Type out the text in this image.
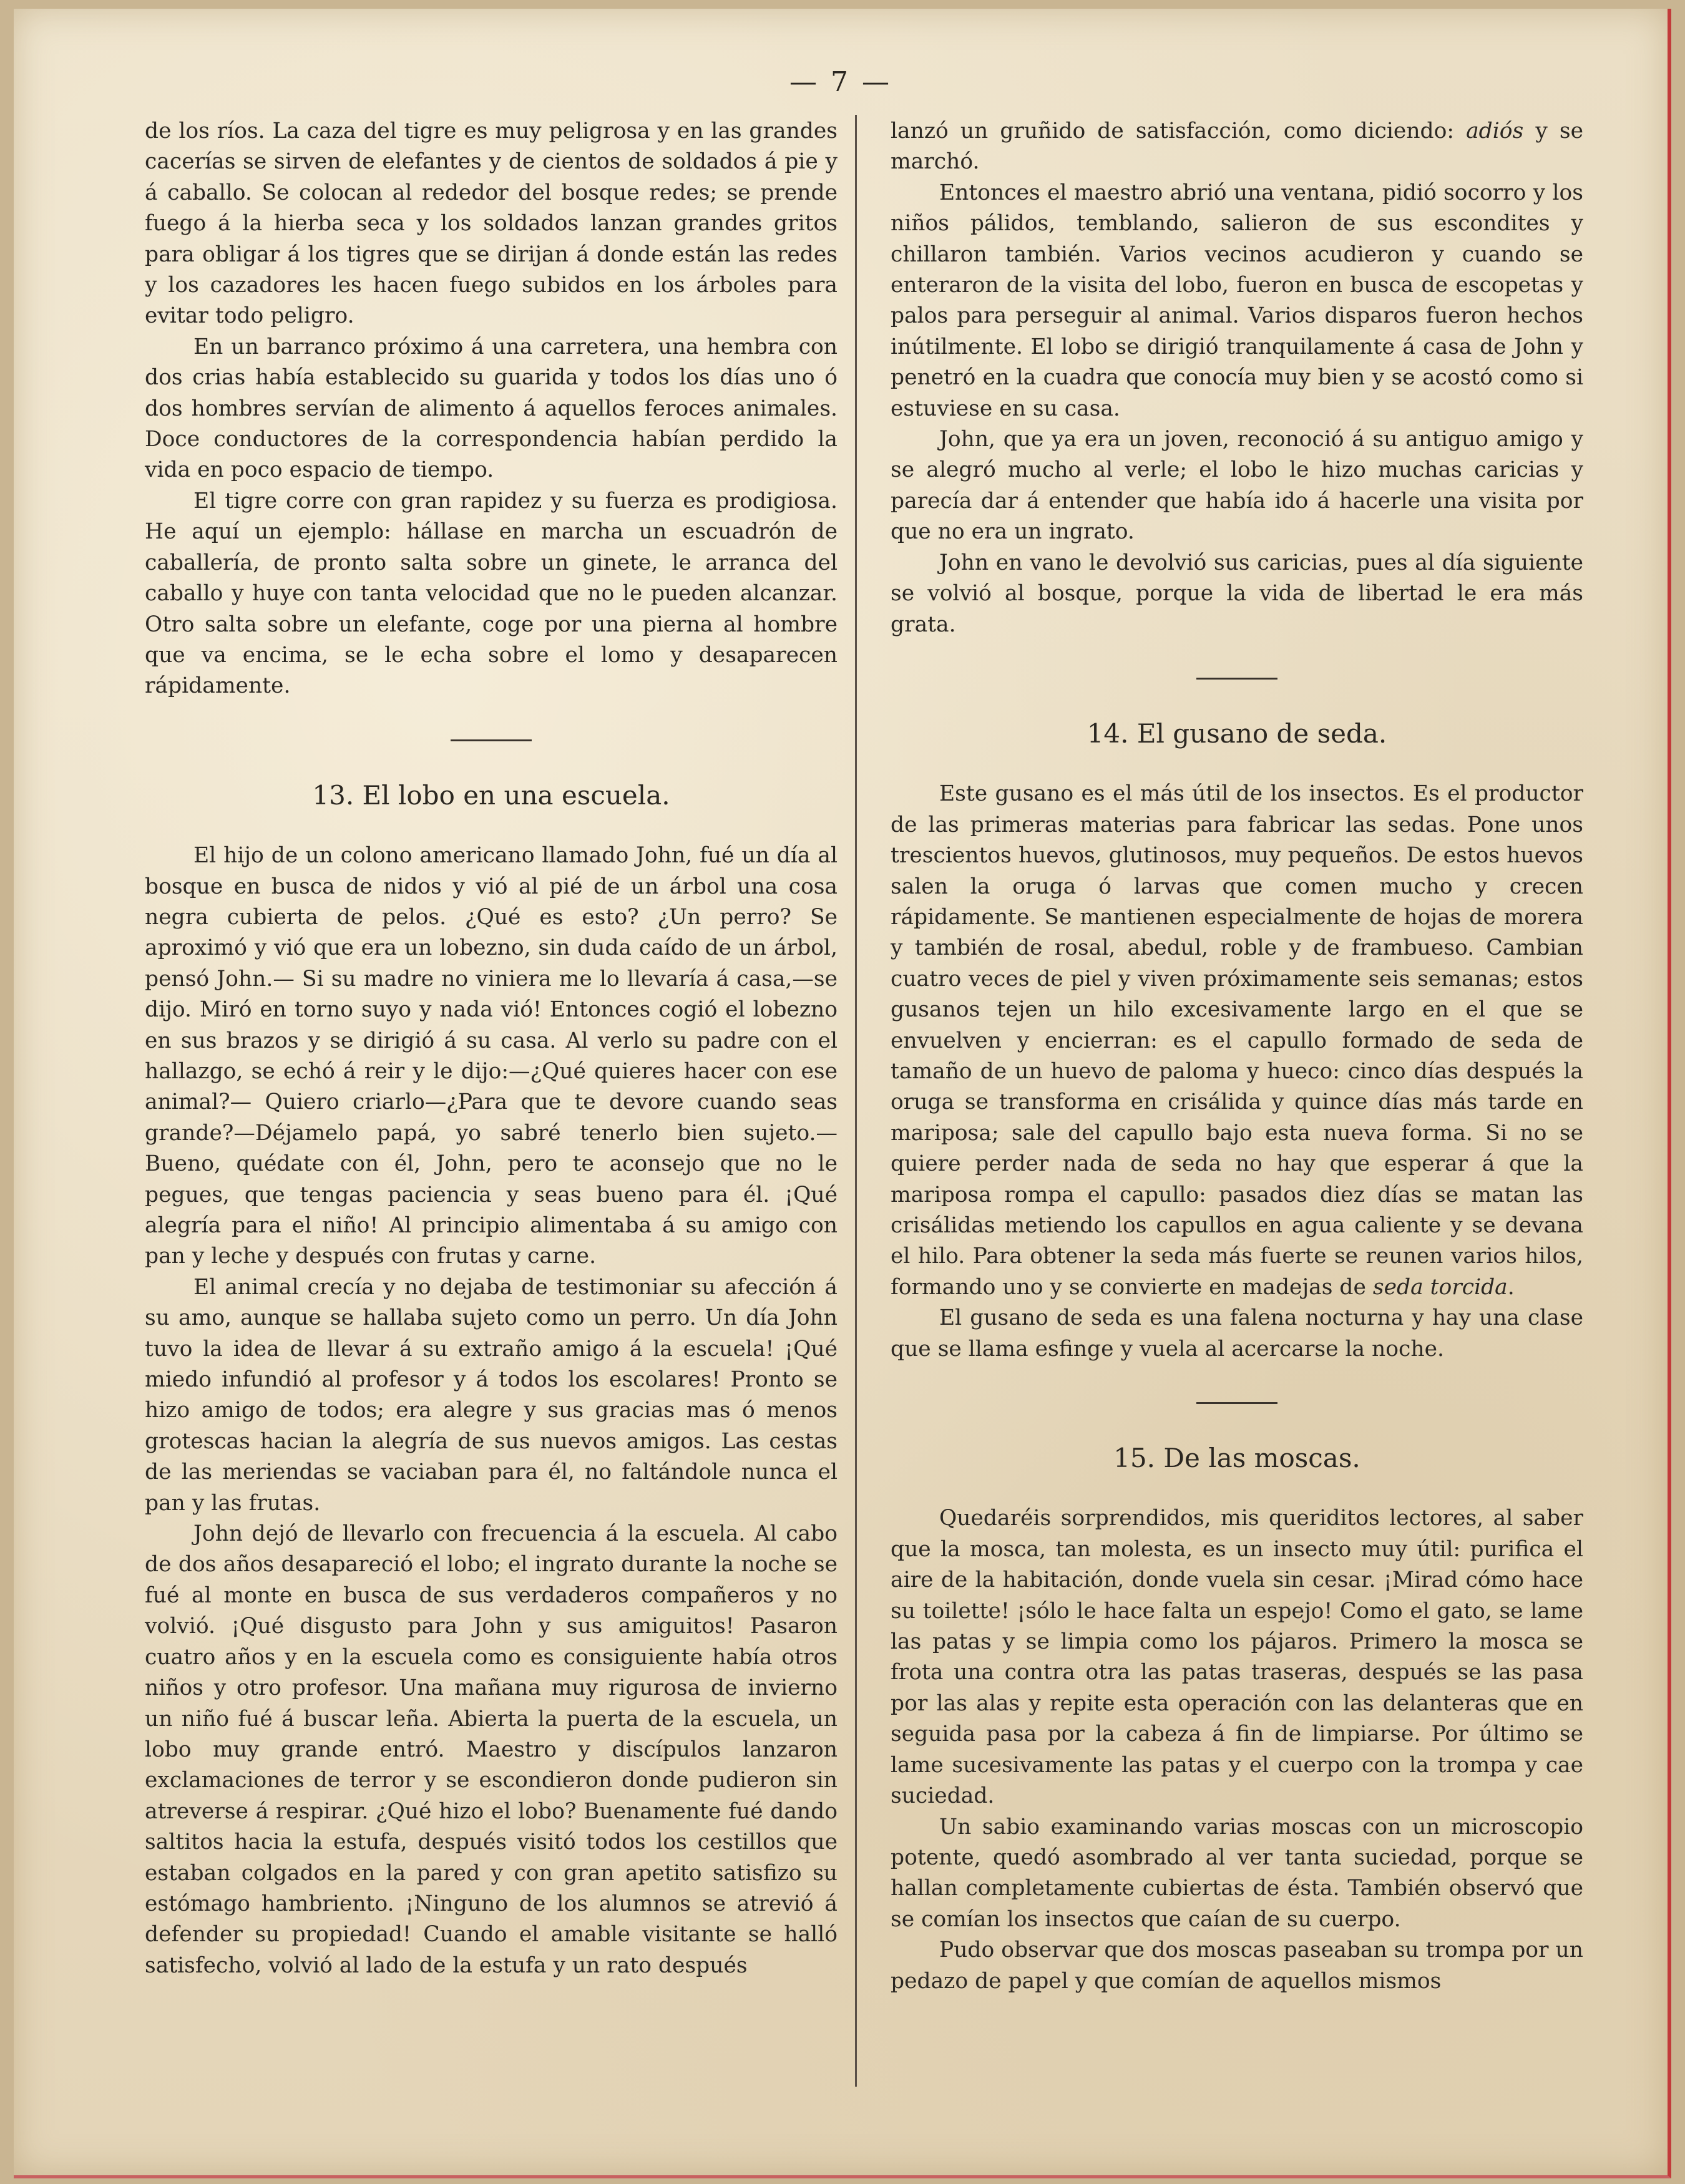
— 7 —

de los ríos. La caza del tigre es muy peligrosa y en las grandes cacerías se sirven de elefantes y de cientos de soldados á pie y á caballo. Se colocan al rededor del bosque redes; se prende fuego á la hierba seca y los soldados lanzan grandes gritos para obligar á los tigres que se dirijan á donde están las redes y los cazadores les hacen fuego subidos en los árboles para evitar todo peligro.

En un barranco próximo á una carretera, una hembra con dos crias había establecido su guarida y todos los días uno ó dos hombres servían de alimento á aquellos feroces animales. Doce conductores de la correspondencia habían perdido la vida en poco espacio de tiempo.

El tigre corre con gran rapidez y su fuerza es prodigiosa. He aquí un ejemplo: hállase en marcha un escuadrón de caballería, de pronto salta sobre un ginete, le arranca del caballo y huye con tanta velocidad que no le pueden alcanzar. Otro salta sobre un elefante, coge por una pierna al hombre que va encima, se le echa sobre el lomo y desaparecen rápidamente.

13. El lobo en una escuela.

El hijo de un colono americano llamado John, fué un día al bosque en busca de nidos y vió al pié de un árbol una cosa negra cubierta de pelos. ¿Qué es esto? ¿Un perro? Se aproximó y vió que era un lobezno, sin duda caído de un árbol, pensó John.— Si su madre no viniera me lo llevaría á casa,—se dijo. Miró en torno suyo y nada vió! Entonces cogió el lobezno en sus brazos y se dirigió á su casa. Al verlo su padre con el hallazgo, se echó á reir y le dijo:—¿Qué quieres hacer con ese animal?— Quiero criarlo—¿Para que te devore cuando seas grande?—Déjamelo papá, yo sabré tenerlo bien sujeto.—Bueno, quédate con él, John, pero te aconsejo que no le pegues, que tengas paciencia y seas bueno para él. ¡Qué alegría para el niño! Al principio alimentaba á su amigo con pan y leche y después con frutas y carne.

El animal crecía y no dejaba de testimoniar su afección á su amo, aunque se hallaba sujeto como un perro. Un día John tuvo la idea de llevar á su extraño amigo á la escuela! ¡Qué miedo infundió al profesor y á todos los escolares! Pronto se hizo amigo de todos; era alegre y sus gracias mas ó menos grotescas hacian la alegría de sus nuevos amigos. Las cestas de las meriendas se vaciaban para él, no faltándole nunca el pan y las frutas.

John dejó de llevarlo con frecuencia á la escuela. Al cabo de dos años desapareció el lobo; el ingrato durante la noche se fué al monte en busca de sus verdaderos compañeros y no volvió. ¡Qué disgusto para John y sus amiguitos! Pasaron cuatro años y en la escuela como es consiguiente había otros niños y otro profesor. Una mañana muy rigurosa de invierno un niño fué á buscar leña. Abierta la puerta de la escuela, un lobo muy grande entró. Maestro y discípulos lanzaron exclamaciones de terror y se escondieron donde pudieron sin atreverse á respirar. ¿Qué hizo el lobo? Buenamente fué dando saltitos hacia la estufa, después visitó todos los cestillos que estaban colgados en la pared y con gran apetito satisfizo su estómago hambriento. ¡Ninguno de los alumnos se atrevió á defender su propiedad! Cuando el amable visitante se halló satisfecho, volvió al lado de la estufa y un rato después

lanzó un gruñido de satisfacción, como diciendo: adiós y se marchó.

Entonces el maestro abrió una ventana, pidió socorro y los niños pálidos, temblando, salieron de sus escondites y chillaron también. Varios vecinos acudieron y cuando se enteraron de la visita del lobo, fueron en busca de escopetas y palos para perseguir al animal. Varios disparos fueron hechos inútilmente. El lobo se dirigió tranquilamente á casa de John y penetró en la cuadra que conocía muy bien y se acostó como si estuviese en su casa.

John, que ya era un joven, reconoció á su antiguo amigo y se alegró mucho al verle; el lobo le hizo muchas caricias y parecía dar á entender que había ido á hacerle una visita por que no era un ingrato.

John en vano le devolvió sus caricias, pues al día siguiente se volvió al bosque, porque la vida de libertad le era más grata.

14. El gusano de seda.

Este gusano es el más útil de los insectos. Es el productor de las primeras materias para fabricar las sedas. Pone unos trescientos huevos, glutinosos, muy pequeños. De estos huevos salen la oruga ó larvas que comen mucho y crecen rápidamente. Se mantienen especialmente de hojas de morera y también de rosal, abedul, roble y de frambueso. Cambian cuatro veces de piel y viven próximamente seis semanas; estos gusanos tejen un hilo excesivamente largo en el que se envuelven y encierran: es el capullo formado de seda de tamaño de un huevo de paloma y hueco: cinco días después la oruga se transforma en crisálida y quince días más tarde en mariposa; sale del capullo bajo esta nueva forma. Si no se quiere perder nada de seda no hay que esperar á que la mariposa rompa el capullo: pasados diez días se matan las crisálidas metiendo los capullos en agua caliente y se devana el hilo. Para obtener la seda más fuerte se reunen varios hilos, formando uno y se convierte en madejas de seda torcida.

El gusano de seda es una falena nocturna y hay una clase que se llama esfinge y vuela al acercarse la noche.

15. De las moscas.

Quedaréis sorprendidos, mis queriditos lectores, al saber que la mosca, tan molesta, es un insecto muy útil: purifica el aire de la habitación, donde vuela sin cesar. ¡Mirad cómo hace su toilette! ¡sólo le hace falta un espejo! Como el gato, se lame las patas y se limpia como los pájaros. Primero la mosca se frota una contra otra las patas traseras, después se las pasa por las alas y repite esta operación con las delanteras que en seguida pasa por la cabeza á fin de limpiarse. Por último se lame sucesivamente las patas y el cuerpo con la trompa y cae suciedad.

Un sabio examinando varias moscas con un microscopio potente, quedó asombrado al ver tanta suciedad, porque se hallan completamente cubiertas de ésta. También observó que se comían los insectos que caían de su cuerpo.

Pudo observar que dos moscas paseaban su trompa por un pedazo de papel y que comían de aquellos mismos
